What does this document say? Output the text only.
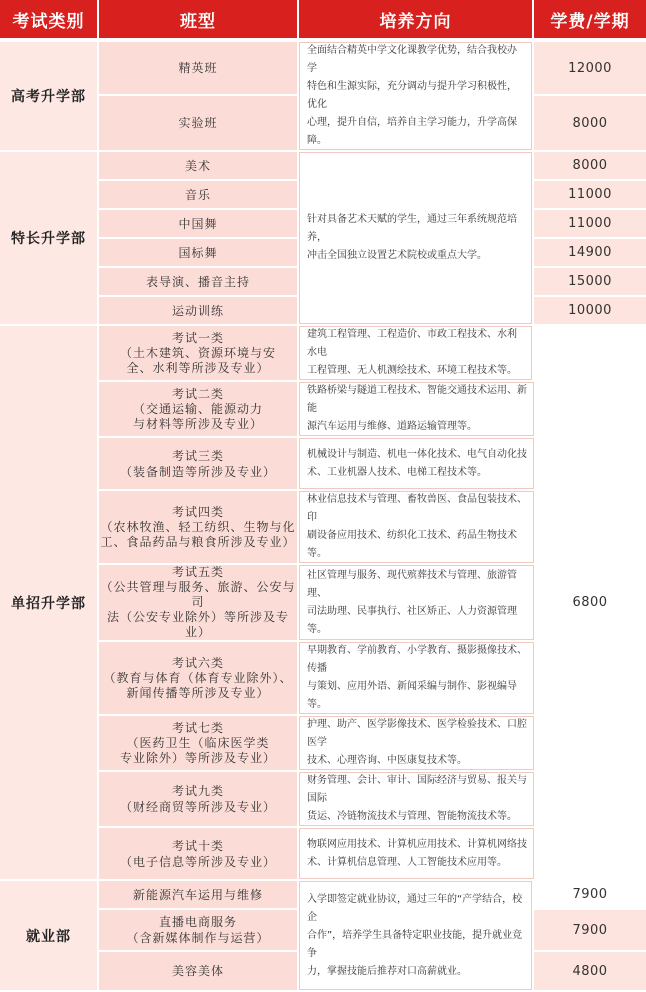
考试类别	班型	培养方向	学费/学期
高考升学部	精英班	全面结合精英中学文化课教学优势，结合我校办学
特色和生源实际，充分调动与提升学习积极性，优化
心理，提升自信，培养自主学习能力，升学高保障。	12000

	实验班		8000
特长升学部	美术	针对具备艺术天赋的学生，通过三年系统规范培养，
冲击全国独立设置艺术院校或重点大学。	8000

	音乐		11000

	中国舞		11000

	国标舞		14900

	表导演、播音主持		15000

	运动训练		10000
单招升学部	考试一类
（土木建筑、资源环境与安
全、水利等所涉及专业）	建筑工程管理、工程造价、市政工程技术、水利水电
工程管理、无人机测绘技术、环境工程技术等。	6800

	考试二类
（交通运输、能源动力
与材料等所涉及专业）	铁路桥梁与隧道工程技术、智能交通技术运用、新能
源汽车运用与维修、道路运输管理等。	

	考试三类
（装备制造等所涉及专业）	机械设计与制造、机电一体化技术、电气自动化技
术、工业机器人技术、电梯工程技术等。	

	考试四类
（农林牧渔、轻工纺织、生物与化
工、食品药品与粮食所涉及专业）	林业信息技术与管理、畜牧兽医、食品包装技术、印
刷设备应用技术、纺织化工技术、药品生物技术等。	

	考试五类
（公共管理与服务、旅游、公安与司
法（公安专业除外）等所涉及专业）	社区管理与服务、现代殡葬技术与管理、旅游管理、
司法助理、民事执行、社区矫正、人力资源管理等。	

	考试六类
（教育与体育（体育专业除外）、
新闻传播等所涉及专业）	早期教育、学前教育、小学教育、摄影摄像技术、传播
与策划、应用外语、新闻采编与制作、影视编导等。	

	考试七类
（医药卫生（临床医学类
专业除外）等所涉及专业）	护理、助产、医学影像技术、医学检验技术、口腔医学
技术、心理咨询、中医康复技术等。	

	考试九类
（财经商贸等所涉及专业）	财务管理、会计、审计、国际经济与贸易、报关与国际
货运、冷链物流技术与管理、智能物流技术等。	

	考试十类
（电子信息等所涉及专业）	物联网应用技术、计算机应用技术、计算机网络技
术、计算机信息管理、人工智能技术应用等。	

就业部	新能源汽车运用与维修	入学即签定就业协议，通过三年的“产学结合，校企
合作”，培养学生具备特定职业技能，提升就业竞争
力，掌握技能后推荐对口高薪就业。	7900

	直播电商服务
（含新媒体制作与运营）		7900

	美容美体		4800
